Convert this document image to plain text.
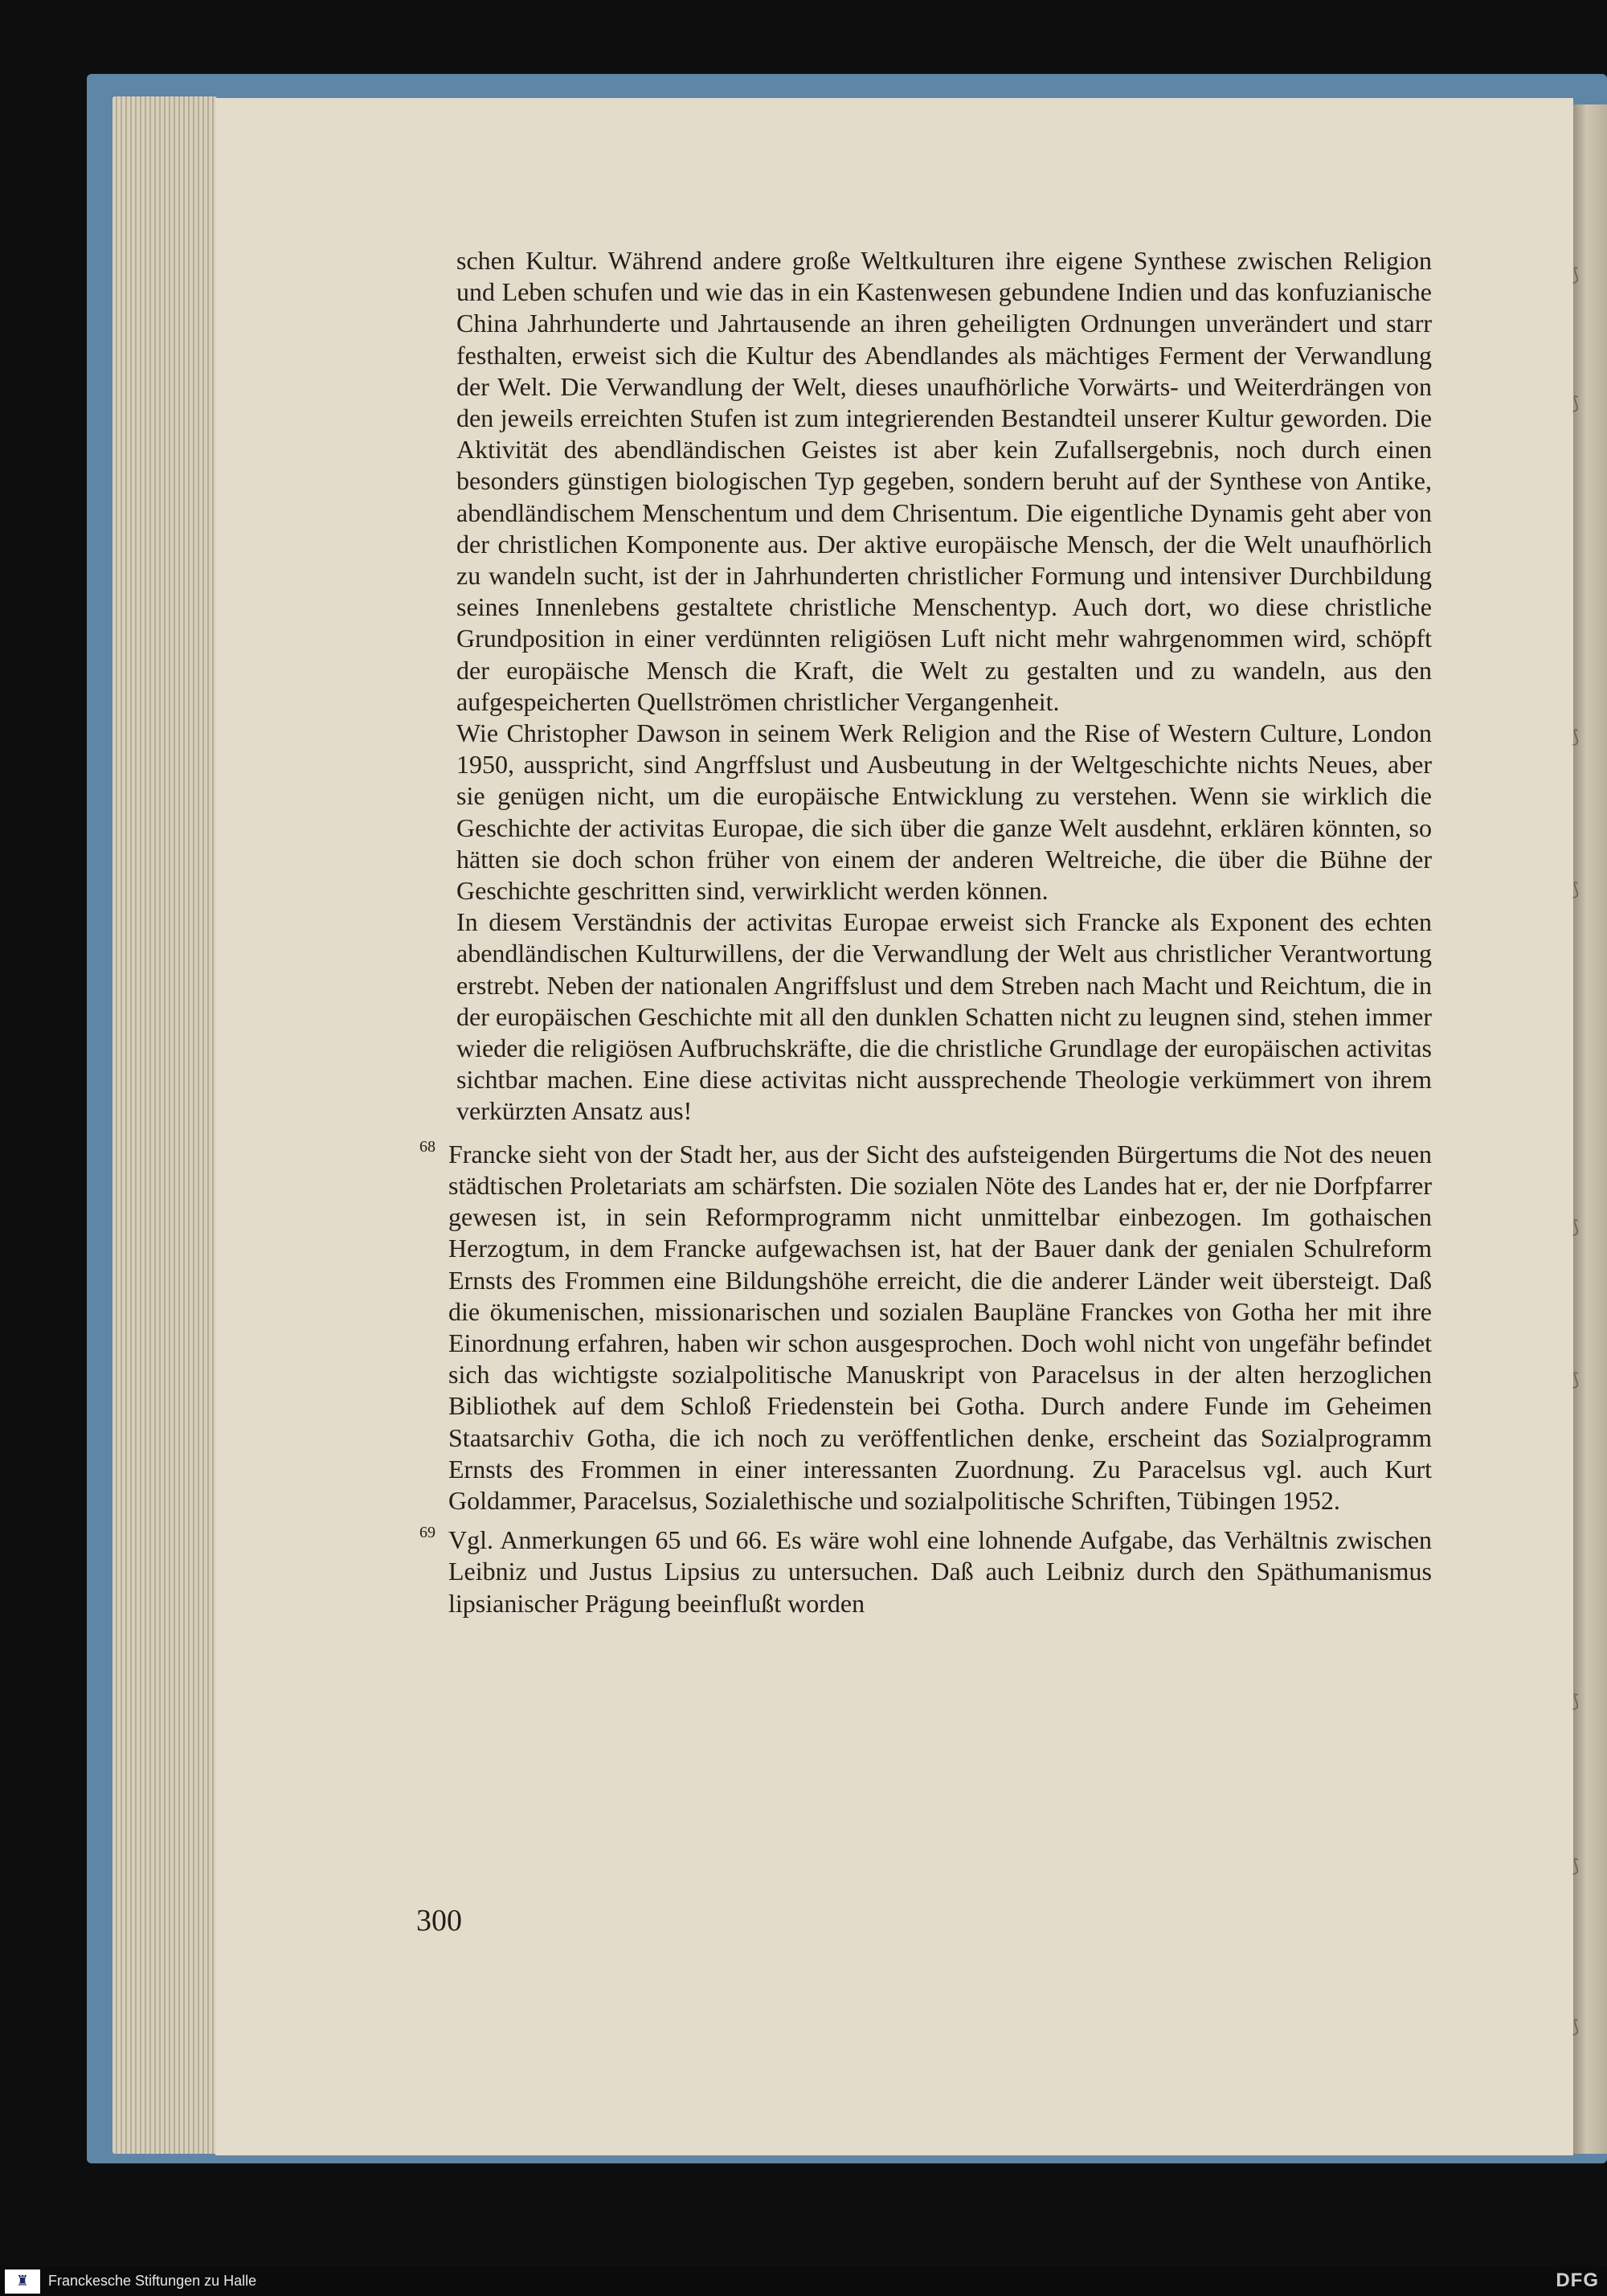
⟆
⟆
⟆
⟆
⟆
⟆
⟆
⟆
⟆

schen Kultur. Während andere große Weltkulturen ihre eigene Synthese zwischen Religion und Leben schufen und wie das in ein Kastenwesen gebundene Indien und das konfuzianische China Jahrhunderte und Jahrtausende an ihren geheiligten Ordnungen unverändert und starr festhalten, erweist sich die Kultur des Abendlandes als mächtiges Ferment der Verwandlung der Welt. Die Verwandlung der Welt, dieses unaufhörliche Vorwärts- und Weiterdrängen von den jeweils erreichten Stufen ist zum integrierenden Bestandteil unserer Kultur geworden. Die Aktivität des abendländischen Geistes ist aber kein Zufallsergebnis, noch durch einen besonders günstigen biologischen Typ gegeben, sondern beruht auf der Synthese von Antike, abendländischem Menschentum und dem Chrisentum. Die eigentliche Dynamis geht aber von der christlichen Komponente aus. Der aktive europäische Mensch, der die Welt unaufhörlich zu wandeln sucht, ist der in Jahrhunderten christlicher Formung und intensiver Durchbildung seines Innenlebens gestaltete christliche Menschentyp. Auch dort, wo diese christliche Grundposition in einer verdünnten religiösen Luft nicht mehr wahrgenommen wird, schöpft der europäische Mensch die Kraft, die Welt zu gestalten und zu wandeln, aus den aufgespeicherten Quellströmen christlicher Vergangenheit.

Wie Christopher Dawson in seinem Werk Religion and the Rise of Western Culture, London 1950, ausspricht, sind Angrffslust und Ausbeutung in der Weltgeschichte nichts Neues, aber sie genügen nicht, um die europäische Entwicklung zu verstehen. Wenn sie wirklich die Geschichte der activitas Europae, die sich über die ganze Welt ausdehnt, erklären könnten, so hätten sie doch schon früher von einem der anderen Weltreiche, die über die Bühne der Geschichte geschritten sind, verwirklicht werden können.

In diesem Verständnis der activitas Europae erweist sich Francke als Exponent des echten abendländischen Kulturwillens, der die Verwandlung der Welt aus christlicher Verantwortung erstrebt. Neben der nationalen Angriffslust und dem Streben nach Macht und Reichtum, die in der europäischen Geschichte mit all den dunklen Schatten nicht zu leugnen sind, stehen immer wieder die religiösen Aufbruchskräfte, die die christliche Grundlage der europäischen activitas sichtbar machen. Eine diese activitas nicht aussprechende Theologie verkümmert von ihrem verkürzten Ansatz aus!

68 Francke sieht von der Stadt her, aus der Sicht des aufsteigenden Bürgertums die Not des neuen städtischen Proletariats am schärfsten. Die sozialen Nöte des Landes hat er, der nie Dorfpfarrer gewesen ist, in sein Reformprogramm nicht unmittelbar einbezogen. Im gothaischen Herzogtum, in dem Francke aufgewachsen ist, hat der Bauer dank der genialen Schulreform Ernsts des Frommen eine Bildungshöhe erreicht, die die anderer Länder weit übersteigt. Daß die ökumenischen, missionarischen und sozialen Baupläne Franckes von Gotha her mit ihre Einordnung erfahren, haben wir schon ausgesprochen. Doch wohl nicht von ungefähr befindet sich das wichtigste sozialpolitische Manuskript von Paracelsus in der alten herzoglichen Bibliothek auf dem Schloß Friedenstein bei Gotha. Durch andere Funde im Geheimen Staatsarchiv Gotha, die ich noch zu veröffentlichen denke, erscheint das Sozialprogramm Ernsts des Frommen in einer interessanten Zuordnung. Zu Paracelsus vgl. auch Kurt Goldammer, Paracelsus, Sozialethische und sozialpolitische Schriften, Tübingen 1952.
69 Vgl. Anmerkungen 65 und 66. Es wäre wohl eine lohnende Aufgabe, das Verhältnis zwischen Leibniz und Justus Lipsius zu untersuchen. Daß auch Leibniz durch den Späthumanismus lipsianischer Prägung beeinflußt worden
300
♜	Franckesche Stiftungen zu Halle	DFG
